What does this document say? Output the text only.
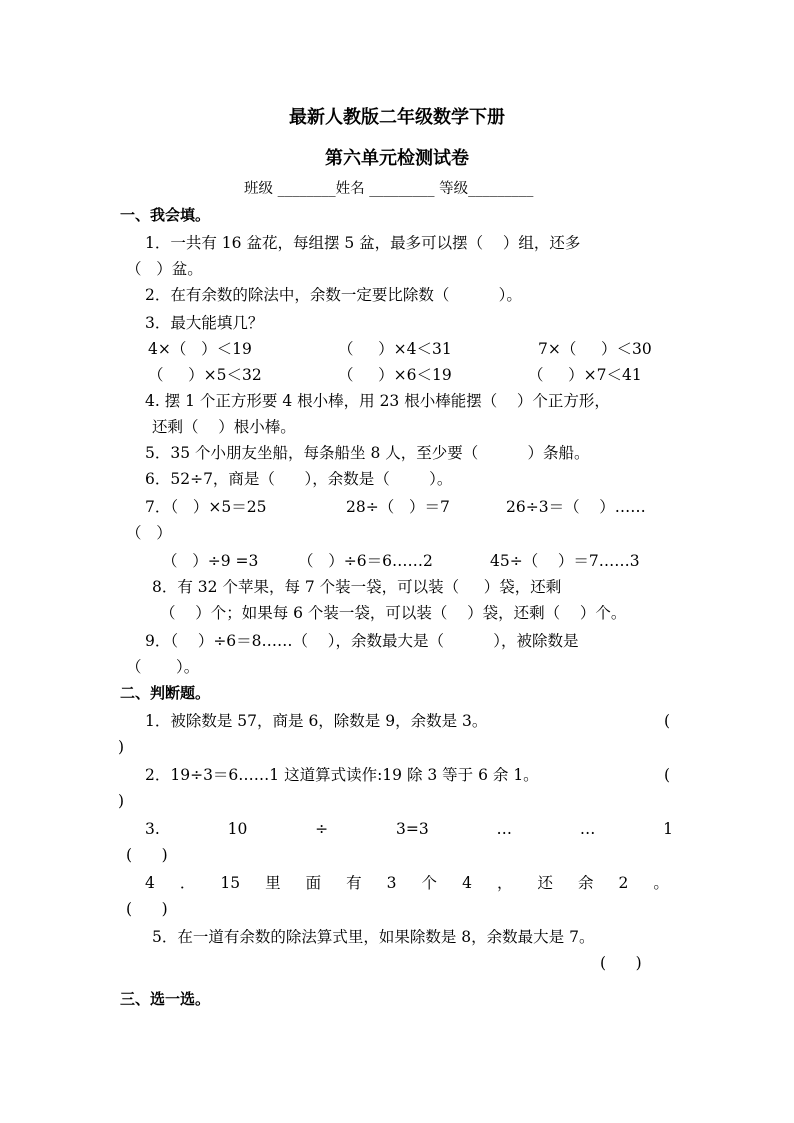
最新人教版二年级数学下册
第六单元检测试卷
班级 ________姓名 _________ 等级_________
一、我会填。
1．一共有 16 盆花，每组摆 5 盆，最多可以摆（    ）组，还多
（   ）盆。
2．在有余数的除法中，余数一定要比除数（          ）。
3．最大能填几？
4×（   ）＜19	（     ）×4＜31	7×（     ）＜30
（     ）×5＜32	（     ）×6＜19	（     ）×7＜41
4. 摆 1 个正方形要 4 根小棒，用 23 根小棒能摆（    ）个正方形，
还剩（    ）根小棒。
5．35 个小朋友坐船，每条船坐 8 人，至少要（          ）条船。
6．52÷7，商是（      ），余数是（        ）。
7．（   ）×5＝25	28÷（   ）＝7	26÷3＝（    ）……
（   ）
（   ）÷9 =3	（   ）÷6＝6……2	45÷（    ）＝7……3
8．有 32 个苹果，每 7 个装一袋，可以装（     ）袋，还剩
（    ）个；如果每 6 个装一袋，可以装（    ）袋，还剩（    ）个。
9．（    ）÷6＝8……（    ），余数最大是（          ），被除数是
（       ）。
二、判断题。
1．被除数是 57，商是 6，除数是 9，余数是 3。	(
)
2．19÷3＝6……1 这道算式读作:19 除 3 等于 6 余 1。	(
)
3.	10	÷	3=3	…	…	1
(      )
4 ． 15 里 面 有 3 个 4 ， 还 余 2 。
(      )
5．在一道有余数的除法算式里，如果除数是 8，余数最大是 7。
(      )
三、选一选。
